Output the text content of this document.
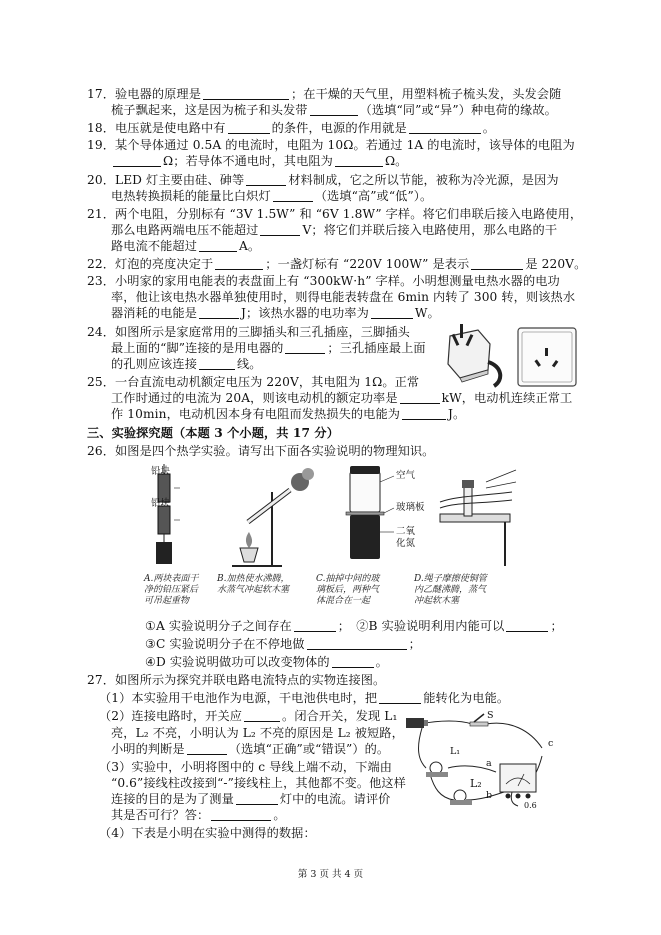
17．验电器的原理是	；在干燥的天气里，用塑料梳子梳头发，头发会随
梳子飘起来，这是因为梳子和头发带	（选填“同”或“异”）种电荷的缘故。
18．电压就是使电路中有	的条件，电源的作用就是	。
19．某个导体通过 0.5A 的电流时，电阻为 10Ω。若通过 1A 的电流时，该导体的电阻为
Ω；若导体不通电时，其电阻为	Ω。
20．LED 灯主要由硅、砷等	材料制成，它之所以节能，被称为冷光源，是因为
电热转换损耗的能量比白炽灯	（选填“高”或“低”）。
21．两个电阻，分别标有 “3V 1.5W” 和 “6V 1.8W” 字样。将它们串联后接入电路使用，
那么电路两端电压不能超过	V；将它们并联后接入电路使用，那么电路的干
路电流不能超过	A。
22．灯泡的亮度决定于	；一盏灯标有 “220V 100W” 是表示	是 220V。
23．小明家的家用电能表的表盘面上有 “300kW·h” 字样。小明想测量电热水器的电功
率，他让该电热水器单独使用时，则得电能表转盘在 6min 内转了 300 转，则该热水
器消耗的电能是	J；该热水器的电功率为	W。
24．如图所示是家庭常用的三脚插头和三孔插座，三脚插头
最上面的“脚”连接的是用电器的	；三孔插座最上面
的孔则应该连接	线。
25．一台直流电动机额定电压为 220V，其电阻为 1Ω。正常
工作时通过的电流为 20A，则该电动机的额定功率是	kW，电动机连续正常工
作 10min，电动机因本身有电阻而发热损失的电能为	J。
三、实验探究题（本题 3 个小题，共 17 分）
26．如图是四个热学实验。请写出下面各实验说明的物理知识。
①A 实验说明分子之间存在	；　②B 实验说明利用内能可以	；
③C 实验说明分子在不停地做	；
④D 实验说明做功可以改变物体的	。
27．如图所示为探究并联电路电流特点的实物连接图。
（1）本实验用干电池作为电源，干电池供电时，把	能转化为电能。
（2）连接电路时，开关应	。闭合开关，发现 L₁
亮，L₂ 不亮，小明认为 L₂ 不亮的原因是 L₂ 被短路，
小明的判断是	（选填“正确”或“错误”）的。
（3）实验中，小明将图中的 c 导线上端不动，下端由
“0.6”接线柱改接到“-”接线柱上，其他都不变。他这样
连接的目的是为了测量	灯中的电流。请评价
其是否可行？答：	。
（4）下表是小明在实验中测得的数据：
铅块
铅块
空气
玻璃板
二氧化氮
A.两块表面干
净的铅压紧后
可吊起重物
B.加热使水沸腾，
水蒸气冲起软木塞
C.抽掉中间的玻
璃板后，两种气
体混合在一起
D.绳子摩擦使铜管
内乙醚沸腾，蒸气
冲起软木塞
S
L₁
L₂
a
b
c
0.6
第 3 页 共 4 页
